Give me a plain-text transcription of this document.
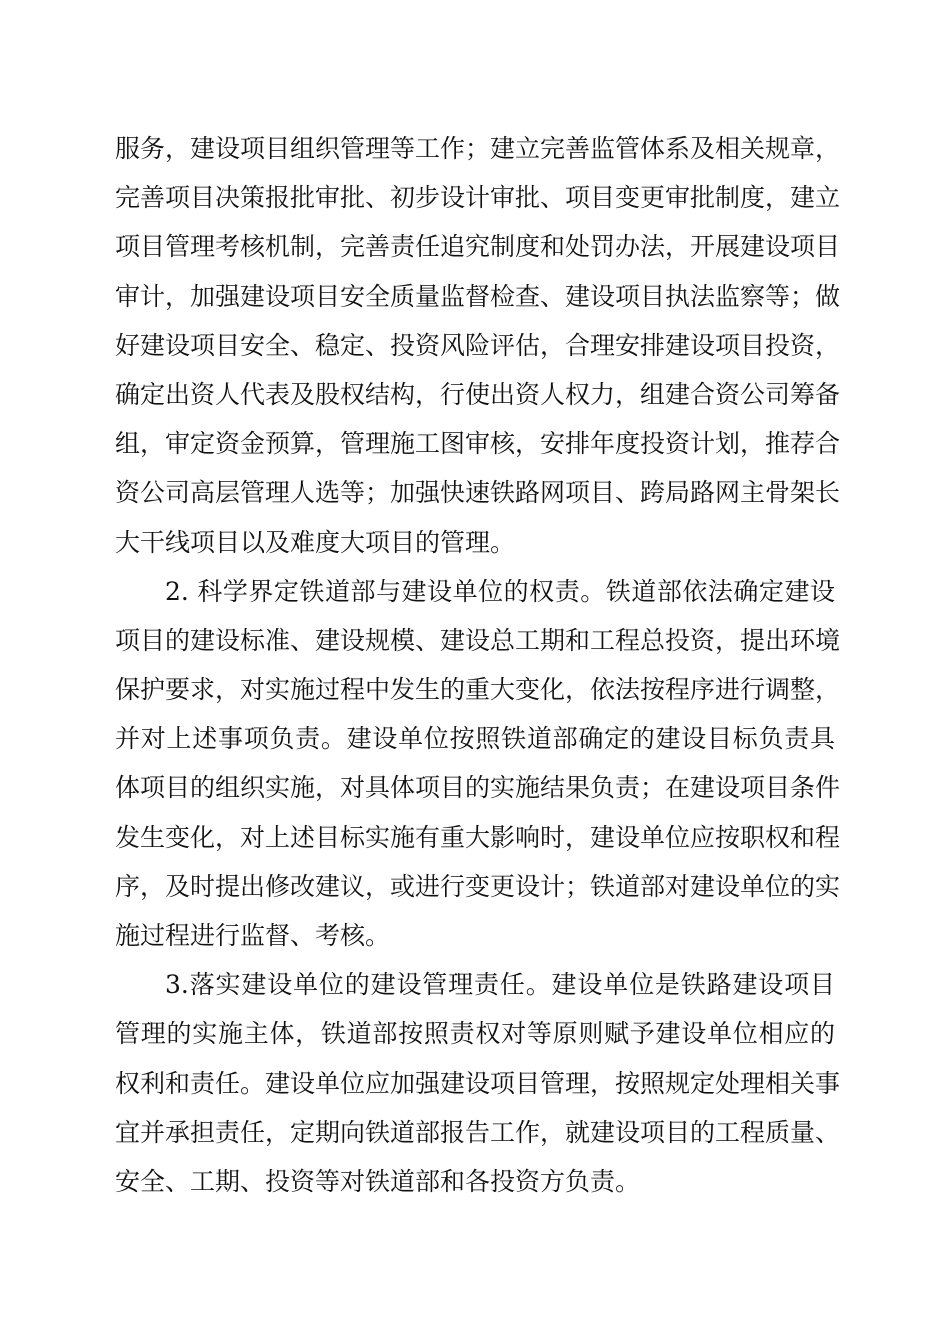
服务，建设项目组织管理等工作；建立完善监管体系及相关规章，
完善项目决策报批审批、初步设计审批、项目变更审批制度，建立
项目管理考核机制，完善责任追究制度和处罚办法，开展建设项目
审计，加强建设项目安全质量监督检查、建设项目执法监察等；做
好建设项目安全、稳定、投资风险评估，合理安排建设项目投资，
确定出资人代表及股权结构，行使出资人权力，组建合资公司筹备
组，审定资金预算，管理施工图审核，安排年度投资计划，推荐合
资公司高层管理人选等；加强快速铁路网项目、跨局路网主骨架长
大干线项目以及难度大项目的管理。
2. 科学界定铁道部与建设单位的权责。铁道部依法确定建设
项目的建设标准、建设规模、建设总工期和工程总投资，提出环境
保护要求，对实施过程中发生的重大变化，依法按程序进行调整，
并对上述事项负责。建设单位按照铁道部确定的建设目标负责具
体项目的组织实施，对具体项目的实施结果负责；在建设项目条件
发生变化，对上述目标实施有重大影响时，建设单位应按职权和程
序，及时提出修改建议，或进行变更设计；铁道部对建设单位的实
施过程进行监督、考核。
3.落实建设单位的建设管理责任。建设单位是铁路建设项目
管理的实施主体，铁道部按照责权对等原则赋予建设单位相应的
权利和责任。建设单位应加强建设项目管理，按照规定处理相关事
宜并承担责任，定期向铁道部报告工作，就建设项目的工程质量、
安全、工期、投资等对铁道部和各投资方负责。
